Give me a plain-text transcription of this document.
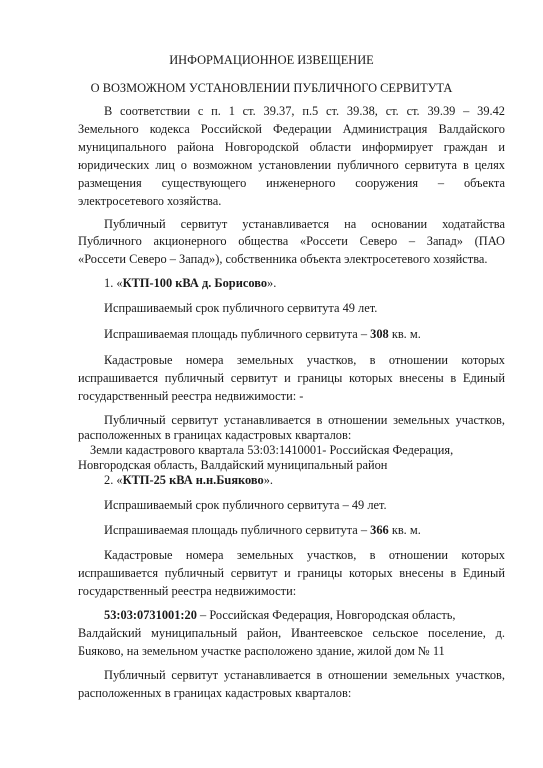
ИНФОРМАЦИОННОЕ ИЗВЕЩЕНИЕ
О ВОЗМОЖНОМ УСТАНОВЛЕНИИ ПУБЛИЧНОГО СЕРВИТУТА
В соответствии с п. 1 ст. 39.37, п.5 ст. 39.38, ст. ст. 39.39 – 39.42
Земельного кодекса Российской Федерации Администрация Валдайского
муниципального района Новгородской области информирует граждан и
юридических лиц о возможном установлении публичного сервитута в целях
размещения существующего инженерного сооружения – объекта
электросетевого хозяйства.
Публичный сервитут устанавливается на основании ходатайства
Публичного акционерного общества «Россети Северо – Запад» (ПАО
«Россети Северо – Запад»), собственника объекта электросетевого хозяйства.
1. «КТП-100 кВА д. Борисово».
Испрашиваемый срок публичного сервитута 49 лет.
Испрашиваемая площадь публичного сервитута – 308 кв. м.
Кадастровые номера земельных участков, в отношении которых
испрашивается публичный сервитут и границы которых внесены в Единый
государственный реестра недвижимости: -
Публичный сервитут устанавливается в отношении земельных участков,
расположенных в границах кадастровых кварталов:
Земли кадастрового квартала 53:03:1410001- Российская Федерация,
Новгородская область, Валдайский муниципальный район
2. «КТП-25 кВА н.н.Бuяково».
Испрашиваемый срок публичного сервитута – 49 лет.
Испрашиваемая площадь публичного сервитута – 366 кв. м.
Кадастровые номера земельных участков, в отношении которых
испрашивается публичный сервитут и границы которых внесены в Единый
государственный реестра недвижимости:
53:03:0731001:20 – Российская Федерация, Новгородская область,
Валдайский муниципальный район, Ивантеевское сельское поселение, д.
Бuяково, на земельном участке расположено здание, жилой дом № 11
Публичный сервитут устанавливается в отношении земельных участков,
расположенных в границах кадастровых кварталов:
